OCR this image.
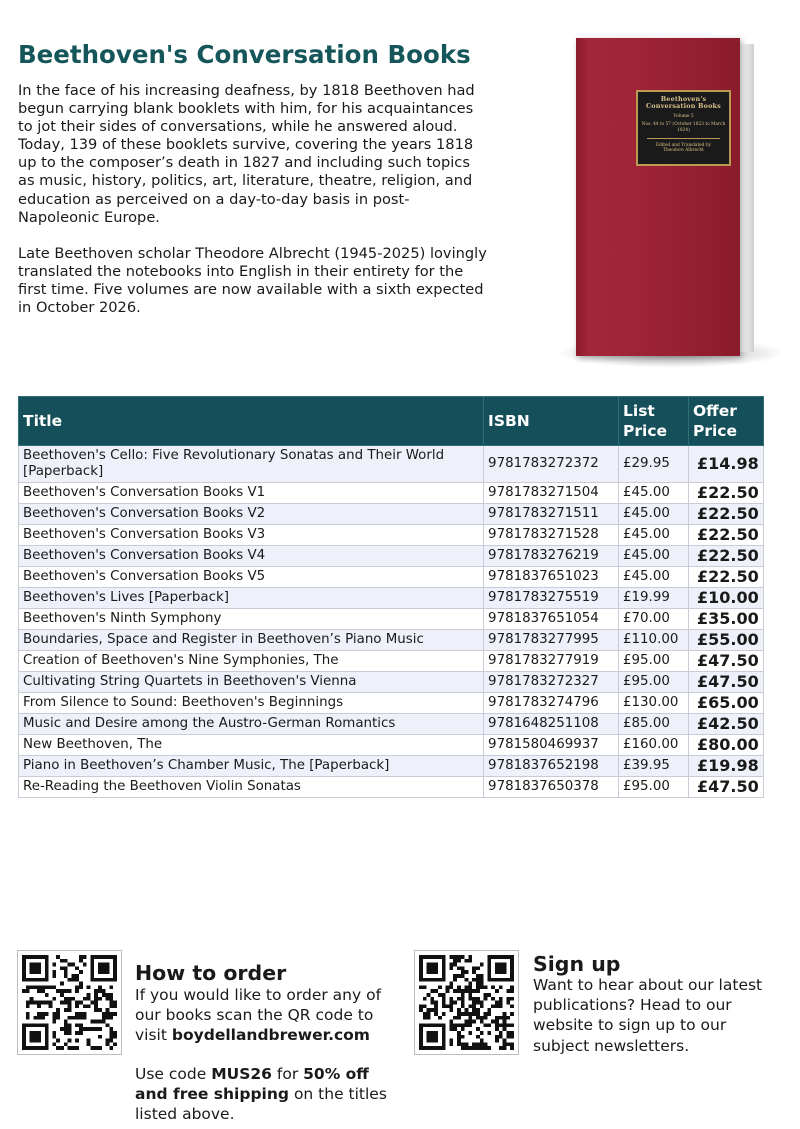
Beethoven's Conversation Books

In the face of his increasing deafness, by 1818 Beethoven had begun carrying blank booklets with him, for his acquaintances to jot their sides of conversations, while he answered aloud. Today, 139 of these booklets survive, covering the years 1818 up to the composer’s death in 1827 and including such topics as music, history, politics, art, literature, theatre, religion, and education as perceived on a day-to-day basis in post-Napoleonic Europe.

Late Beethoven scholar Theodore Albrecht (1945-2025) lovingly translated the notebooks into English in their entirety for the first time. Five volumes are now available with a sixth expected in October 2026.

Beethoven's Conversation Books
Volume 5
Nos. 44 to 57 (October 1823 to March 1824)
Edited and Translated by
Theodore Albrecht
Title	ISBN	List Price	Offer Price
Beethoven's Cello: Five Revolutionary Sonatas and Their World [Paperback]	9781783272372	£29.95	£14.98
Beethoven's Conversation Books V1	9781783271504	£45.00	£22.50
Beethoven's Conversation Books V2	9781783271511	£45.00	£22.50
Beethoven's Conversation Books V3	9781783271528	£45.00	£22.50
Beethoven's Conversation Books V4	9781783276219	£45.00	£22.50
Beethoven's Conversation Books V5	9781837651023	£45.00	£22.50
Beethoven's Lives [Paperback]	9781783275519	£19.99	£10.00
Beethoven's Ninth Symphony	9781837651054	£70.00	£35.00
Boundaries, Space and Register in Beethoven’s Piano Music	9781783277995	£110.00	£55.00
Creation of Beethoven's Nine Symphonies, The	9781783277919	£95.00	£47.50
Cultivating String Quartets in Beethoven's Vienna	9781783272327	£95.00	£47.50
From Silence to Sound: Beethoven's Beginnings	9781783274796	£130.00	£65.00
Music and Desire among the Austro-German Romantics	9781648251108	£85.00	£42.50
New Beethoven, The	9781580469937	£160.00	£80.00
Piano in Beethoven’s Chamber Music, The [Paperback]	9781837652198	£39.95	£19.98
Re-Reading the Beethoven Violin Sonatas	9781837650378	£95.00	£47.50
How to order
If you would like to order any of our books scan the QR code to visit boydellandbrewer.com
Use code MUS26 for 50% off and free shipping on the titles listed above.
Sign up
Want to hear about our latest publications? Head to our website to sign up to our subject newsletters.
